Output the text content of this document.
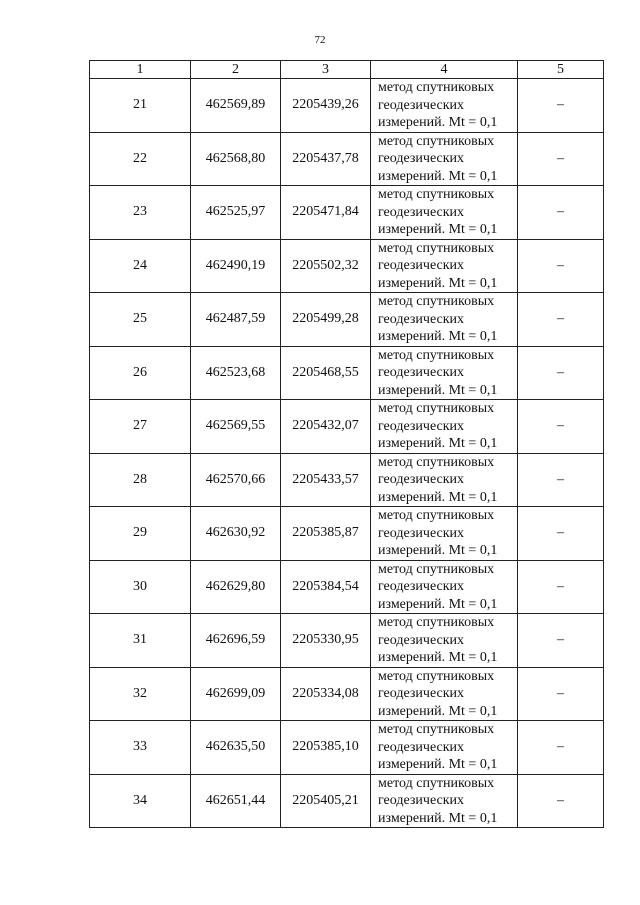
72
1	2	3	4	5
21	462569,89	2205439,26	метод спутниковых
геодезических
измерений. Mt = 0,1	–
22	462568,80	2205437,78	метод спутниковых
геодезических
измерений. Mt = 0,1	–
23	462525,97	2205471,84	метод спутниковых
геодезических
измерений. Mt = 0,1	–
24	462490,19	2205502,32	метод спутниковых
геодезических
измерений. Mt = 0,1	–
25	462487,59	2205499,28	метод спутниковых
геодезических
измерений. Mt = 0,1	–
26	462523,68	2205468,55	метод спутниковых
геодезических
измерений. Mt = 0,1	–
27	462569,55	2205432,07	метод спутниковых
геодезических
измерений. Mt = 0,1	–
28	462570,66	2205433,57	метод спутниковых
геодезических
измерений. Mt = 0,1	–
29	462630,92	2205385,87	метод спутниковых
геодезических
измерений. Mt = 0,1	–
30	462629,80	2205384,54	метод спутниковых
геодезических
измерений. Mt = 0,1	–
31	462696,59	2205330,95	метод спутниковых
геодезических
измерений. Mt = 0,1	–
32	462699,09	2205334,08	метод спутниковых
геодезических
измерений. Mt = 0,1	–
33	462635,50	2205385,10	метод спутниковых
геодезических
измерений. Mt = 0,1	–
34	462651,44	2205405,21	метод спутниковых
геодезических
измерений. Mt = 0,1	–
